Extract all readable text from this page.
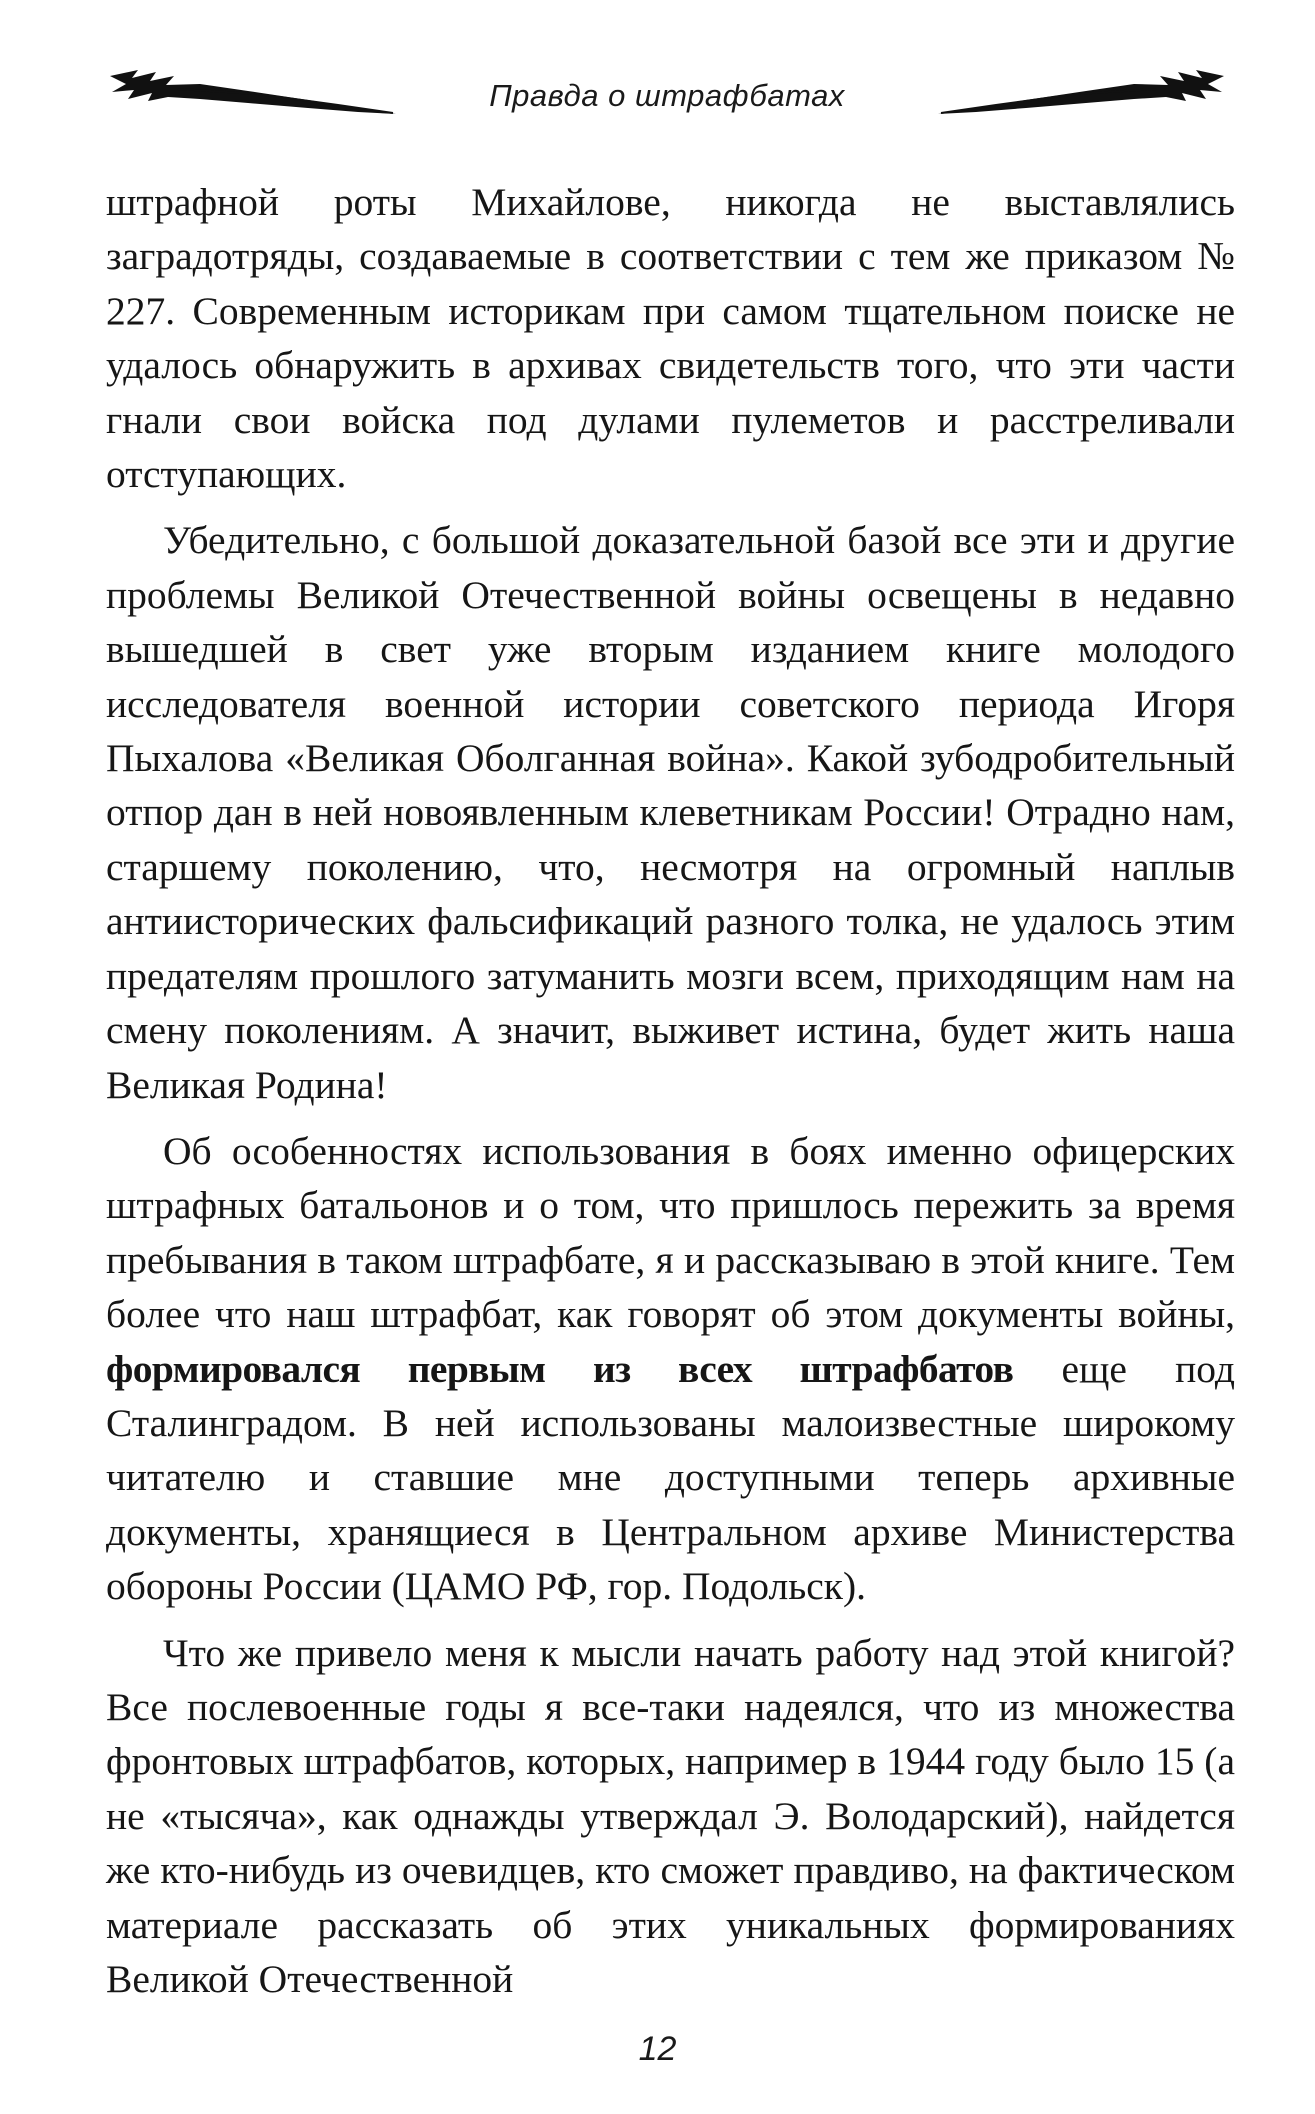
Правда о штрафбатах

штрафной роты Михайлове, никогда не выставлялись заградотряды, создаваемые в соответствии с тем же приказом № 227. Современным историкам при самом тщательном поиске не удалось обнаружить в архивах свидетельств того, что эти части гнали свои войска под дулами пулеметов и расстреливали отступающих.

Убедительно, с большой доказательной базой все эти и другие проблемы Великой Отечественной войны освещены в недавно вышедшей в свет уже вторым изданием книге молодого исследователя военной истории советского периода Игоря Пыхалова «Великая Оболганная война». Какой зубодробительный отпор дан в ней новоявленным клеветникам России! Отрадно нам, старшему поколению, что, несмотря на огромный наплыв антиисторических фальсификаций разного толка, не удалось этим предателям прошлого затуманить мозги всем, приходящим нам на смену поколениям. А значит, выживет истина, будет жить наша Великая Родина!

Об особенностях использования в боях именно офицерских штрафных батальонов и о том, что пришлось пережить за время пребывания в таком штрафбате, я и рассказываю в этой книге. Тем более что наш штрафбат, как говорят об этом документы войны, формировался первым из всех штрафбатов еще под Сталинградом. В ней использованы малоизвестные широкому читателю и ставшие мне доступными теперь архивные документы, хранящиеся в Центральном архиве Министерства обороны России (ЦАМО РФ, гор. Подольск).

Что же привело меня к мысли начать работу над этой книгой? Все послевоенные годы я все-таки надеялся, что из множества фронтовых штрафбатов, которых, например в 1944 году было 15 (а не «тысяча», как однажды утверждал Э. Володарский), найдется же кто-нибудь из очевидцев, кто сможет правдиво, на фактическом материале рассказать об этих уникальных формированиях Великой Отечественной

12
